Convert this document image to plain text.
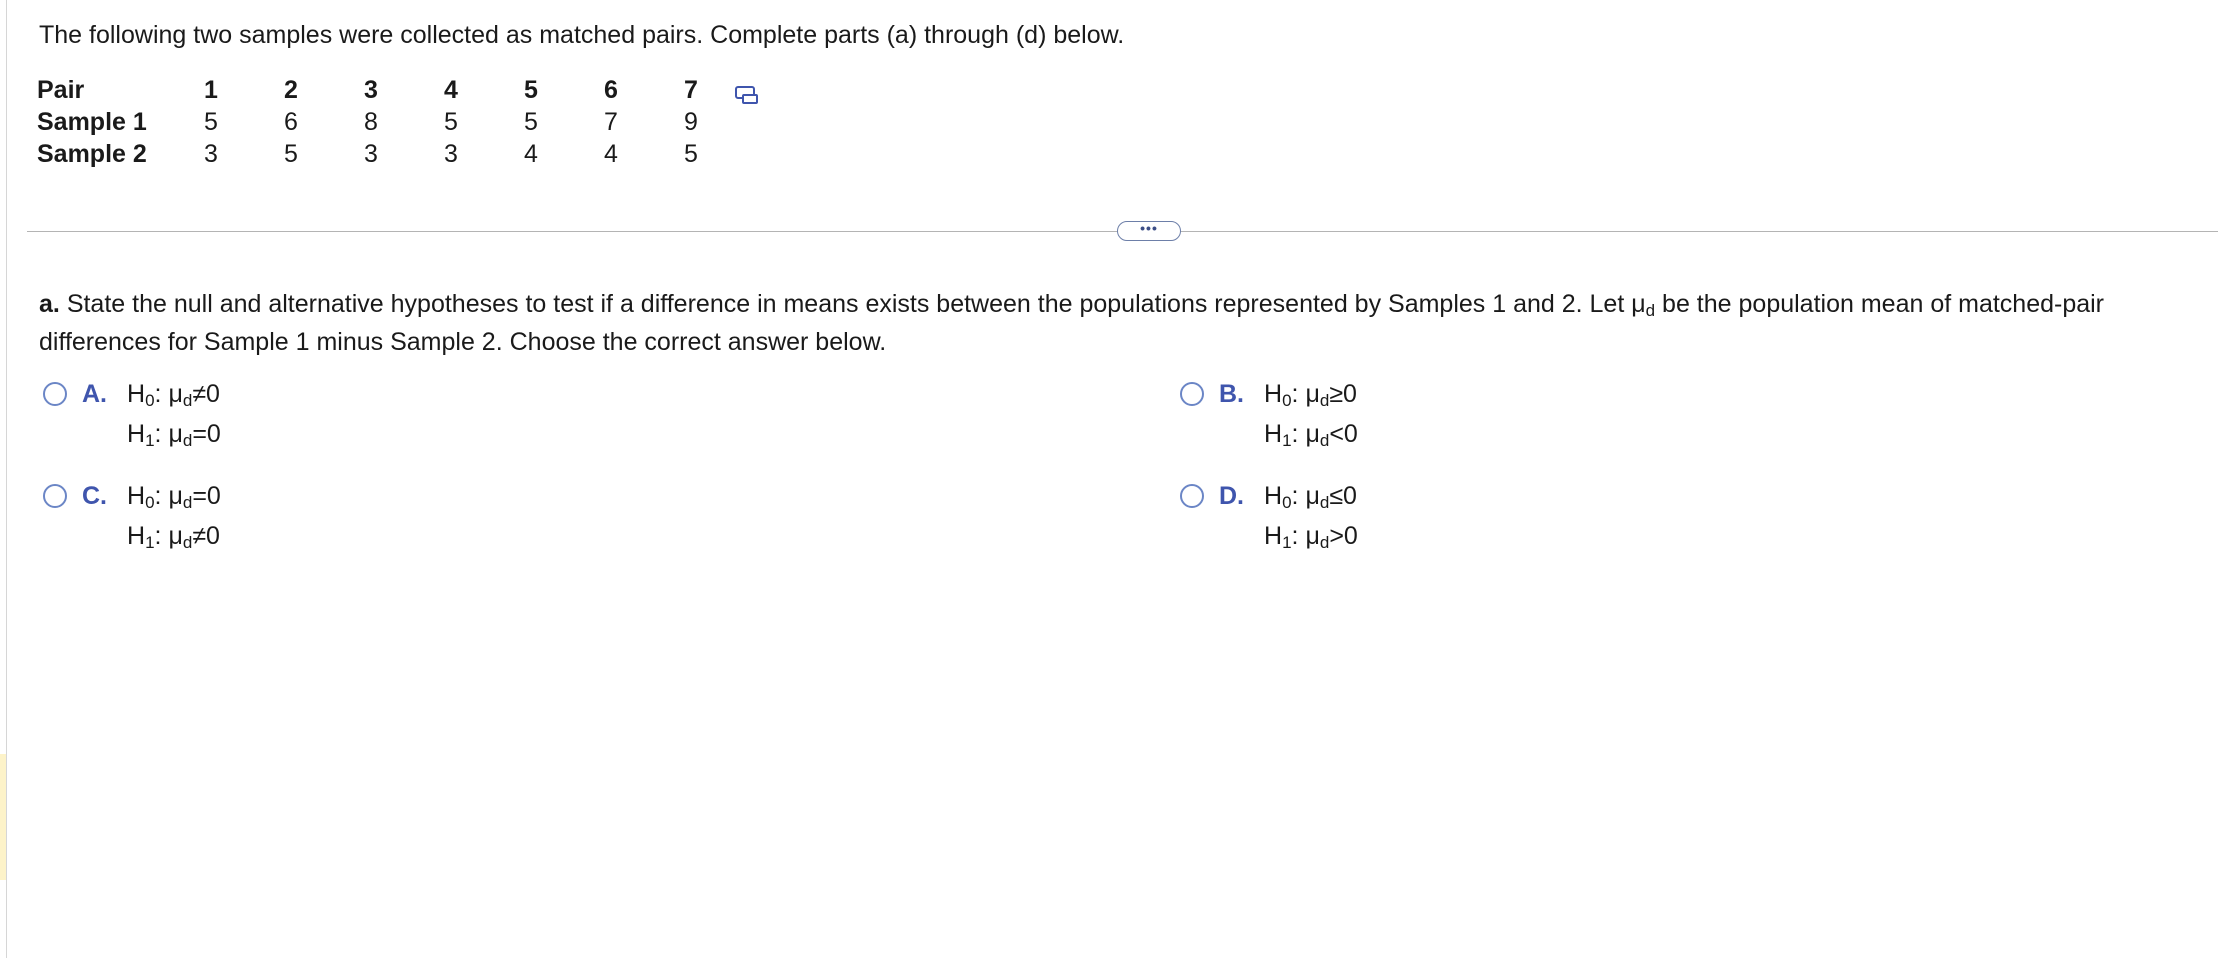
The following two samples were collected as matched pairs. Complete parts (a) through (d) below.
Pair	1	2	3	4	5	6	7
Sample 1	5	6	8	5	5	7	9
Sample 2	3	5	3	3	4	4	5
•••
a. State the null and alternative hypotheses to test if a difference in means exists between the populations represented by Samples 1 and 2. Let $\mu_d$ be the population mean of matched-pair differences for Sample 1 minus Sample 2. Choose the correct answer below.
A. $H_0$: $\mu_d\ne 0$
$H_1$: $\mu_d=0$
B. $H_0$: $\mu_d\ge 0$
$H_1$: $\mu_d<0$
C. $H_0$: $\mu_d=0$
$H_1$: $\mu_d\ne 0$
D. $H_0$: $\mu_d\le 0$
$H_1$: $\mu_d>0$
